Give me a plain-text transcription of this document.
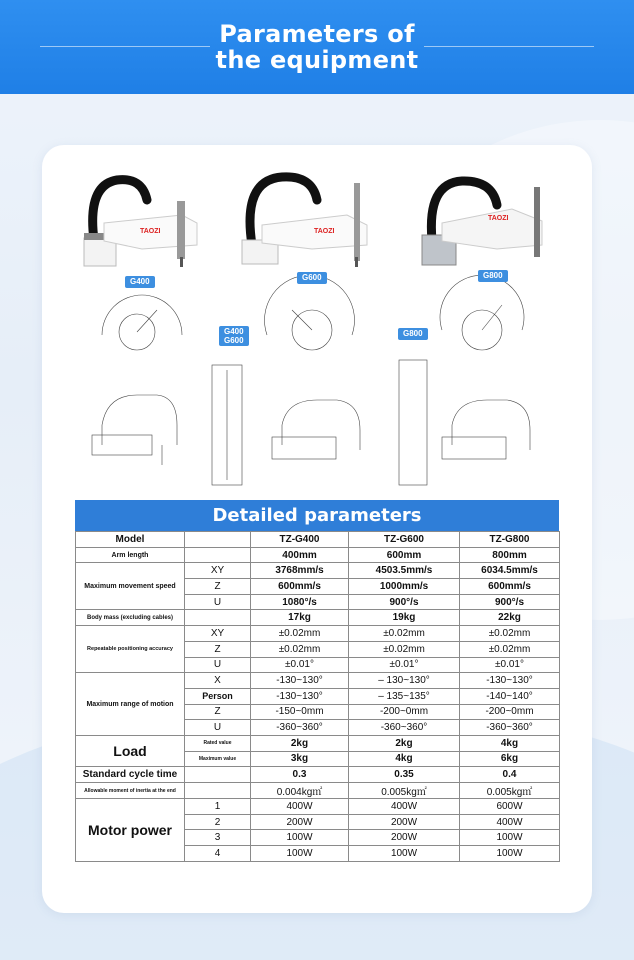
Parameters of
the equipment
TAOZI	TAOZI
TAOZI
G400	G600	G800
G400
G600
G800
Detailed parameters
Model		TZ-G400	TZ-G600	TZ-G800
Arm length		400mm	600mm	800mm
Maximum movement speed	XY	3768mm/s	4503.5mm/s	6034.5mm/s
	Z	600mm/s	1000mm/s	600mm/s
	U	1080°/s	900°/s	900°/s
Body mass (excluding cables)		17kg	19kg	22kg
Repeatable positioning accuracy	XY	±0.02mm	±0.02mm	±0.02mm
	Z	±0.02mm	±0.02mm	±0.02mm
	U	±0.01°	±0.01°	±0.01°
Maximum range of motion	X	-130~130°	– 130~130°	-130~130°
	Person	-130~130°	– 135~135°	-140~140°
	Z	-150~0mm	-200~0mm	-200~0mm
	U	-360~360°	-360~360°	-360~360°
Load	Rated value	2kg	2kg	4kg
	Maximum value	3kg	4kg	6kg
Standard cycle time		0.3	0.35	0.4
Allowable moment of inertia at the end		0.004kg㎡	0.005kg㎡	0.005kg㎡
Motor power	1	400W	400W	600W
	2	200W	200W	400W
	3	100W	200W	100W
	4	100W	100W	100W
